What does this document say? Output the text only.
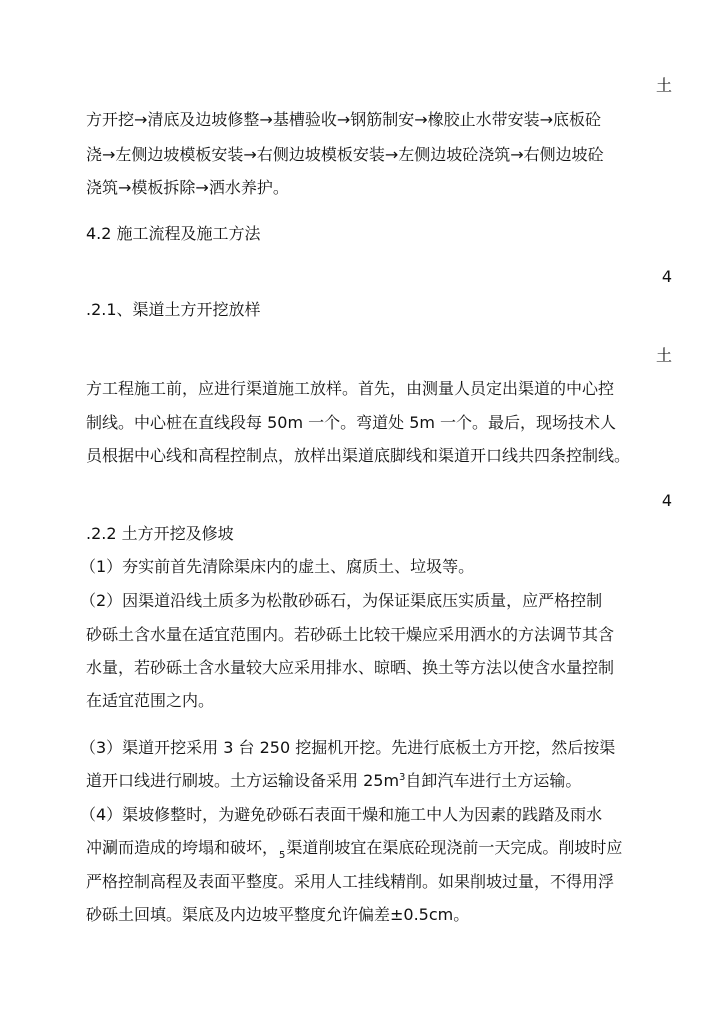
土
方开挖→清底及边坡修整→基槽验收→钢筋制安→橡胶止水带安装→底板砼
浇→左侧边坡模板安装→右侧边坡模板安装→左侧边坡砼浇筑→右侧边坡砼
浇筑→模板拆除→洒水养护。
4.2 施工流程及施工方法
4
.2.1、渠道土方开挖放样
土
方工程施工前，应进行渠道施工放样。首先，由测量人员定出渠道的中心控
制线。中心桩在直线段每 50m 一个。弯道处 5m 一个。最后，现场技术人
员根据中心线和高程控制点，放样出渠道底脚线和渠道开口线共四条控制线。
4
.2.2 土方开挖及修坡
（1）夯实前首先清除渠床内的虚土、腐质土、垃圾等。
（2）因渠道沿线土质多为松散砂砾石，为保证渠底压实质量，应严格控制
砂砾土含水量在适宜范围内。若砂砾土比较干燥应采用洒水的方法调节其含
水量，若砂砾土含水量较大应采用排水、晾晒、换土等方法以使含水量控制
在适宜范围之内。
（3）渠道开挖采用 3 台 250 挖掘机开挖。先进行底板土方开挖，然后按渠
道开口线进行刷坡。土方运输设备采用 $25m^3$自卸汽车进行土方运输。
（4）渠坡修整时，为避免砂砾石表面干燥和施工中人为因素的践踏及雨水
冲涮而造成的垮塌和破坏，$_5$渠道削坡宜在渠底砼现浇前一天完成。削坡时应
严格控制高程及表面平整度。采用人工挂线精削。如果削坡过量，不得用浮
砂砾土回填。渠底及内边坡平整度允许偏差±0.5cm。
